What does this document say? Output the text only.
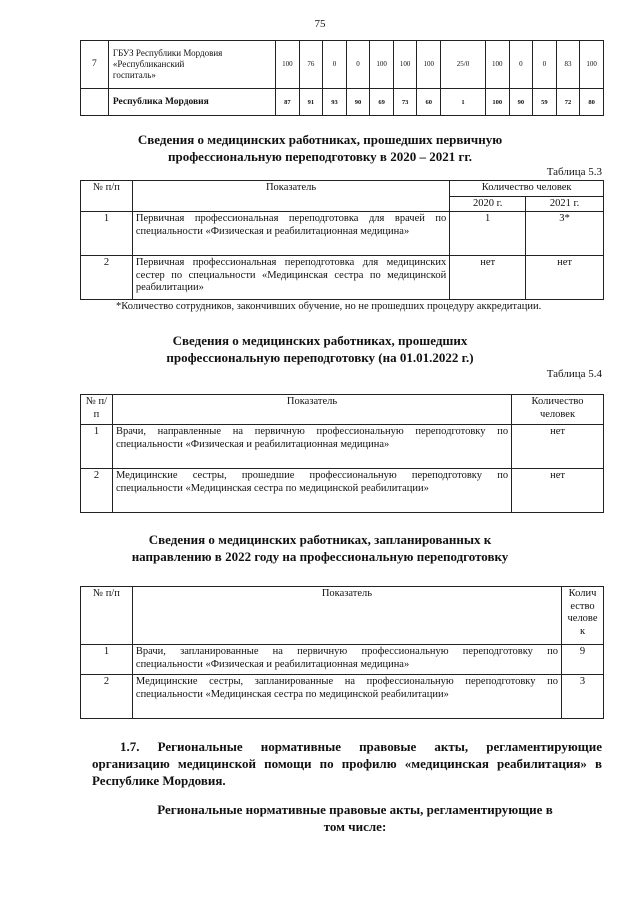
75
7	ГБУЗ Республики Мордовия
«Республиканский
госпиталь»	100	76	0	0	100	100	100	25/0	100	0	0	83	100
	Республика Мордовия	87	91	93	90	69	73	60	1	100	90	59	72	80
Сведения о медицинских работниках, прошедших первичную
профессиональную переподготовку в 2020 – 2021 гг.
Таблица 5.3
№ п/п	Показатель	Количество человек	
		2020 г.	2021 г.
1	Первичная профессиональная переподготовка для врачей по специальности «Физическая и реабилитационная медицина»	1	3*
2	Первичная профессиональная переподготовка для медицинских сестер по специальности «Медицинская сестра по медицинской реабилитации»	нет	нет
*Количество сотрудников, закончивших обучение, но не прошедших процедуру аккредитации.
Сведения о медицинских работниках, прошедших
профессиональную переподготовку (на 01.01.2022 г.)
Таблица 5.4
№ п/п	Показатель	Количество человек
1	Врачи, направленные на первичную профессиональную переподготовку по специальности «Физическая и реабилитационная медицина»	нет
2	Медицинские сестры, прошедшие профессиональную переподготовку по специальности «Медицинская сестра по медицинской реабилитации»	нет
Сведения о медицинских работниках, запланированных к
направлению в 2022 году на профессиональную переподготовку
№ п/п	Показатель	Колич
ество
челове
к

1	Врачи, запланированные на первичную профессиональную переподготовку по специальности «Физическая и реабилитационная медицина»	9
2	Медицинские сестры, запланированные на профессиональную переподготовку по специальности «Медицинская сестра по медицинской реабилитации»	3
1.7. Региональные нормативные правовые акты, регламентирующие организацию медицинской помощи по профилю «медицинская реабилитация» в Республике Мордовия.
Региональные нормативные правовые акты, регламентирующие в
том числе:
